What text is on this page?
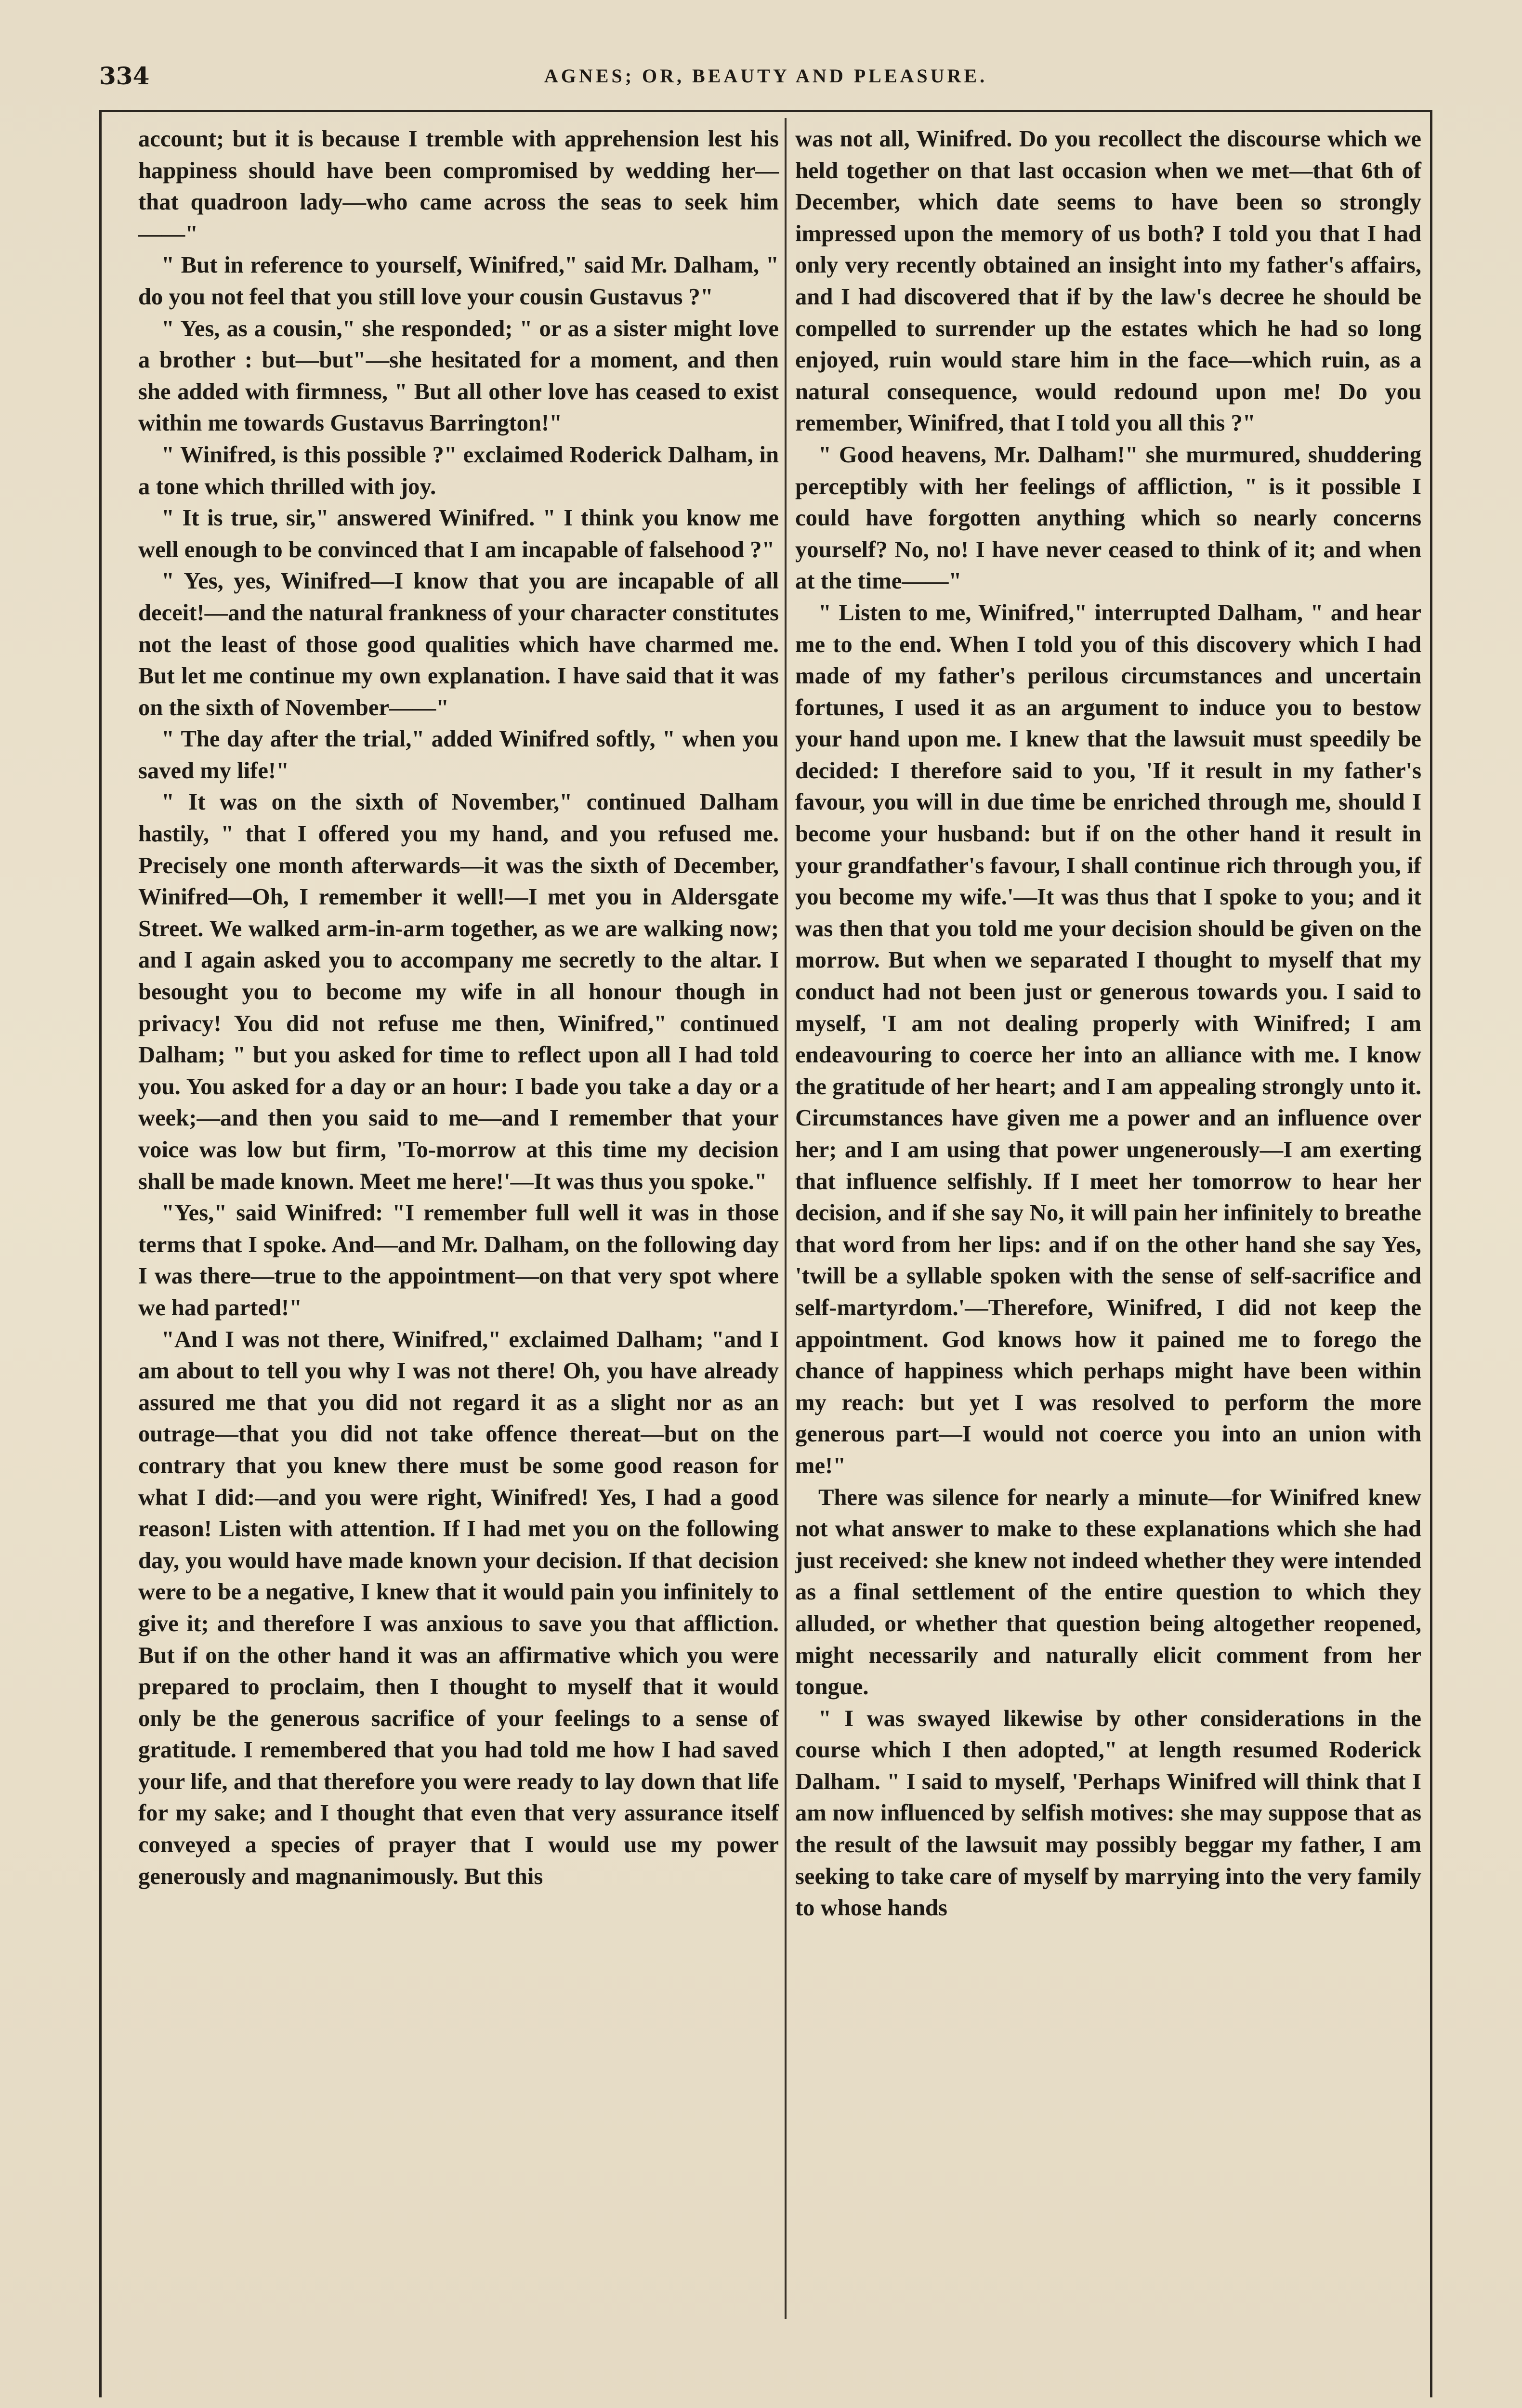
334	AGNES; OR, BEAUTY AND PLEASURE.

account; but it is because I tremble with apprehension lest his happiness should have been compromised by wedding her—that quadroon lady—who came across the seas to seek him——"

" But in reference to yourself, Winifred," said Mr. Dalham, " do you not feel that you still love your cousin Gustavus ?"

" Yes, as a cousin," she responded; " or as a sister might love a brother : but—but"—she hesitated for a moment, and then she added with firmness, " But all other love has ceased to exist within me towards Gustavus Barrington!"

" Winifred, is this possible ?" exclaimed Roderick Dalham, in a tone which thrilled with joy.

" It is true, sir," answered Winifred. " I think you know me well enough to be convinced that I am incapable of falsehood ?"

" Yes, yes, Winifred—I know that you are incapable of all deceit!—and the natural frankness of your character constitutes not the least of those good qualities which have charmed me. But let me continue my own explanation. I have said that it was on the sixth of November——"

" The day after the trial," added Winifred softly, " when you saved my life!"

" It was on the sixth of November," continued Dalham hastily, " that I offered you my hand, and you refused me. Precisely one month afterwards—it was the sixth of December, Winifred—Oh, I remember it well!—I met you in Aldersgate Street. We walked arm-in-arm together, as we are walking now; and I again asked you to accompany me secretly to the altar. I besought you to become my wife in all honour though in privacy! You did not refuse me then, Winifred," continued Dalham; " but you asked for time to reflect upon all I had told you. You asked for a day or an hour: I bade you take a day or a week;—and then you said to me—and I remember that your voice was low but firm, 'To-morrow at this time my decision shall be made known. Meet me here!'—It was thus you spoke."

"Yes," said Winifred: "I remember full well it was in those terms that I spoke. And—and Mr. Dalham, on the following day I was there—true to the appointment—on that very spot where we had parted!"

"And I was not there, Winifred," exclaimed Dalham; "and I am about to tell you why I was not there! Oh, you have already assured me that you did not regard it as a slight nor as an outrage—that you did not take offence thereat—but on the contrary that you knew there must be some good reason for what I did:—and you were right, Winifred! Yes, I had a good reason! Listen with attention. If I had met you on the following day, you would have made known your decision. If that decision were to be a negative, I knew that it would pain you infinitely to give it; and therefore I was anxious to save you that affliction. But if on the other hand it was an affirmative which you were prepared to proclaim, then I thought to myself that it would only be the generous sacrifice of your feelings to a sense of gratitude. I remembered that you had told me how I had saved your life, and that therefore you were ready to lay down that life for my sake; and I thought that even that very assurance itself conveyed a species of prayer that I would use my power generously and magnanimously. But this

was not all, Winifred. Do you recollect the discourse which we held together on that last occasion when we met—that 6th of December, which date seems to have been so strongly impressed upon the memory of us both? I told you that I had only very recently obtained an insight into my father's affairs, and I had discovered that if by the law's decree he should be compelled to surrender up the estates which he had so long enjoyed, ruin would stare him in the face—which ruin, as a natural consequence, would redound upon me! Do you remember, Winifred, that I told you all this ?"

" Good heavens, Mr. Dalham!" she murmured, shuddering perceptibly with her feelings of affliction, " is it possible I could have forgotten anything which so nearly concerns yourself? No, no! I have never ceased to think of it; and when at the time——"

" Listen to me, Winifred," interrupted Dalham, " and hear me to the end. When I told you of this discovery which I had made of my father's perilous circumstances and uncertain fortunes, I used it as an argument to induce you to bestow your hand upon me. I knew that the lawsuit must speedily be decided: I therefore said to you, 'If it result in my father's favour, you will in due time be enriched through me, should I become your husband: but if on the other hand it result in your grandfather's favour, I shall continue rich through you, if you become my wife.'—It was thus that I spoke to you; and it was then that you told me your decision should be given on the morrow. But when we separated I thought to myself that my conduct had not been just or generous towards you. I said to myself, 'I am not dealing properly with Winifred; I am endeavouring to coerce her into an alliance with me. I know the gratitude of her heart; and I am appealing strongly unto it. Circumstances have given me a power and an influence over her; and I am using that power ungenerously—I am exerting that influence selfishly. If I meet her tomorrow to hear her decision, and if she say No, it will pain her infinitely to breathe that word from her lips: and if on the other hand she say Yes, 'twill be a syllable spoken with the sense of self-sacrifice and self-martyrdom.'—Therefore, Winifred, I did not keep the appointment. God knows how it pained me to forego the chance of happiness which perhaps might have been within my reach: but yet I was resolved to perform the more generous part—I would not coerce you into an union with me!"

There was silence for nearly a minute—for Winifred knew not what answer to make to these explanations which she had just received: she knew not indeed whether they were intended as a final settlement of the entire question to which they alluded, or whether that question being altogether reopened, might necessarily and naturally elicit comment from her tongue.

" I was swayed likewise by other considerations in the course which I then adopted," at length resumed Roderick Dalham. " I said to myself, 'Perhaps Winifred will think that I am now influenced by selfish motives: she may suppose that as the result of the lawsuit may possibly beggar my father, I am seeking to take care of myself by marrying into the very family to whose hands
